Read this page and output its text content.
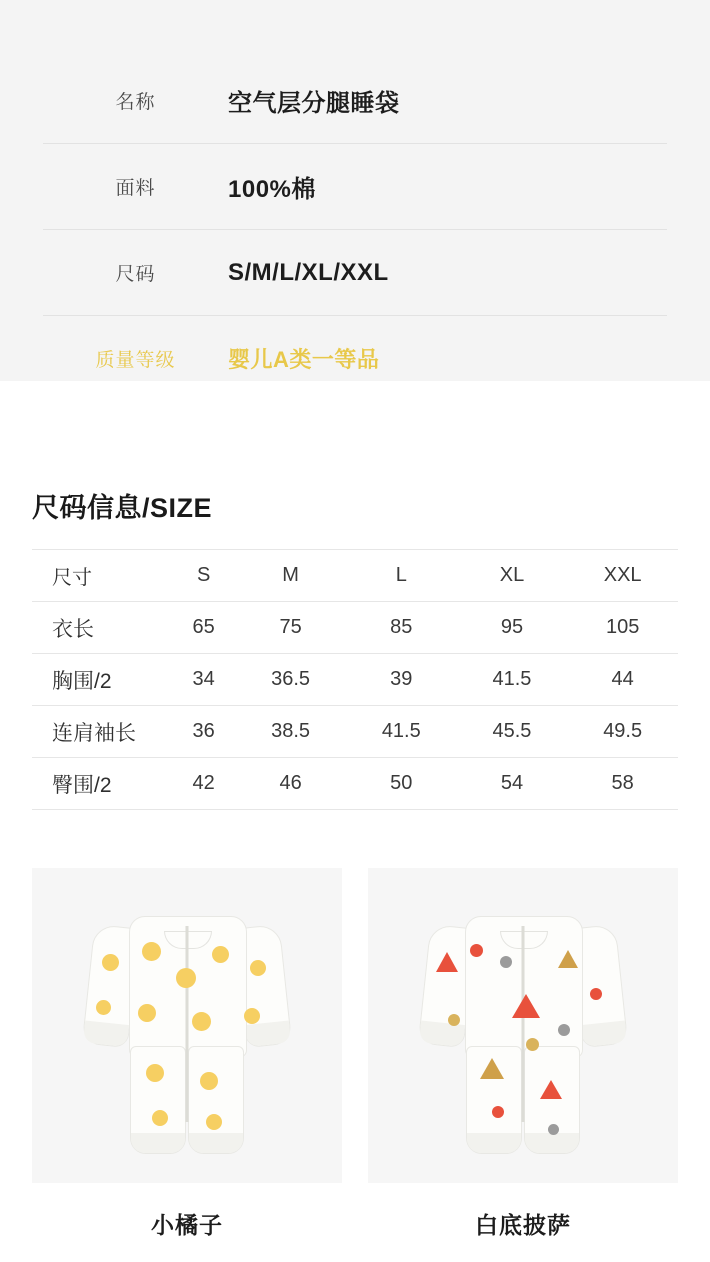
名称	空气层分腿睡袋
面料	100%棉
尺码	S/M/L/XL/XXL
质量等级	婴儿A类一等品
尺码信息/SIZE
尺寸	S	M	L	XL	XXL
衣长	65	75	85	95	105
胸围/2	34	36.5	39	41.5	44
连肩袖长	36	38.5	41.5	45.5	49.5
臀围/2	42	46	50	54	58
小橘子	白底披萨
